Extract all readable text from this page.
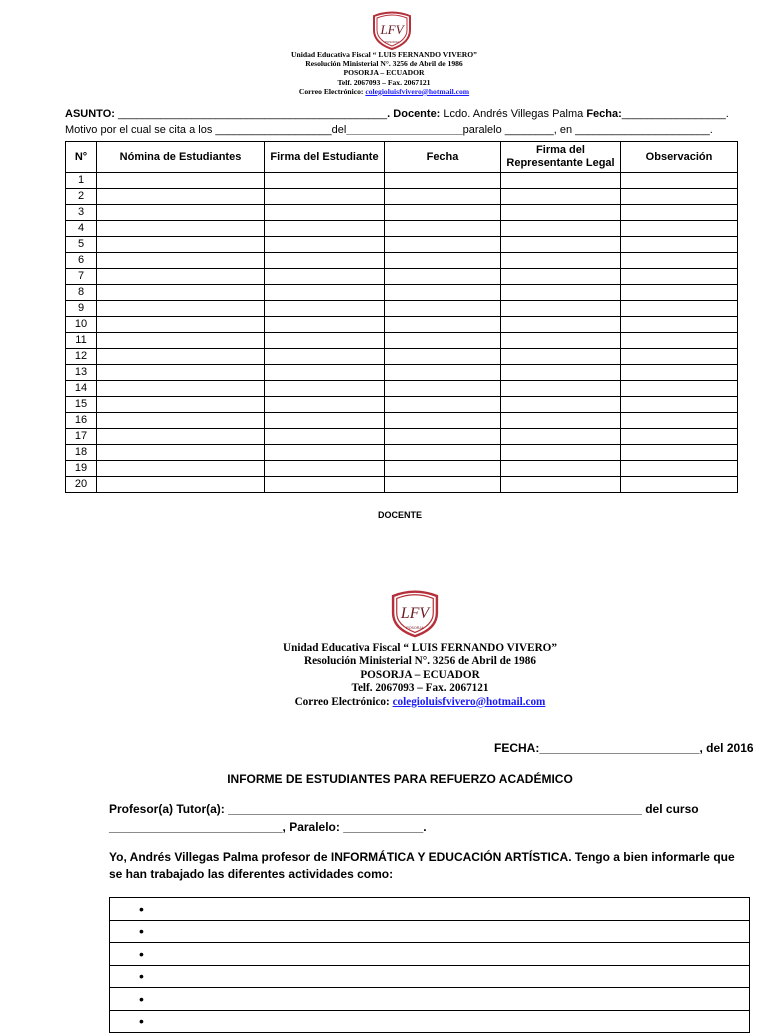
LFV
POSORJA
Unidad Educativa Fiscal “ LUIS FERNANDO VIVERO”
Resolución Ministerial N°. 3256 de Abril de 1986
POSORJA – ECUADOR
Telf. 2067093 – Fax. 2067121
Correo Electrónico: colegioluisfvivero@hotmail.com
ASUNTO: ____________________________________________. Docente: Lcdo. Andrés Villegas Palma Fecha:_________________.
Motivo por el cual se cita a los ___________________del___________________paralelo ________, en ______________________.
N°	Nómina de Estudiantes	Firma del Estudiante	Fecha	Firma del Representante Legal	Observación
1					
2					
3					
4					
5					
6					
7					
8					
9					
10					
11					
12					
13					
14					
15					
16					
17					
18					
19					
20					
DOCENTE
LFV
POSORJA
Unidad Educativa Fiscal “ LUIS FERNANDO VIVERO”
Resolución Ministerial N°. 3256 de Abril de 1986
POSORJA – ECUADOR
Telf. 2067093 – Fax. 2067121
Correo Electrónico: colegioluisfvivero@hotmail.com
FECHA:________________________, del 2016
INFORME DE ESTUDIANTES PARA REFUERZO ACADÉMICO
Profesor(a) Tutor(a): ______________________________________________________________ del curso
__________________________, Paralelo: ____________.
Yo, Andrés Villegas Palma profesor de INFORMÁTICA Y EDUCACIÓN ARTÍSTICA. Tengo a bien informarle que
se han trabajado las diferentes actividades como:
•
•
•
•
•
•
